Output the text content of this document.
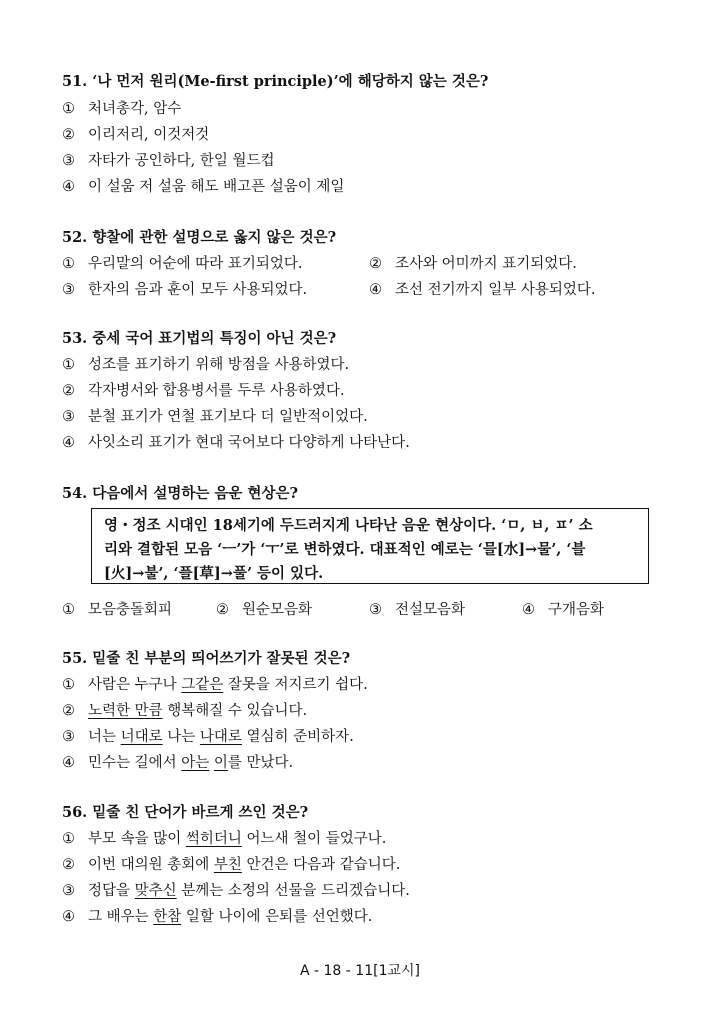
51. ‘나 먼저 원리(Me-first principle)’에 해당하지 않는 것은?
① 처녀총각, 암수
② 이리저리, 이것저것
③ 자타가 공인하다, 한일 월드컵
④ 이 설움 저 설움 해도 배고픈 설움이 제일
52. 향찰에 관한 설명으로 옳지 않은 것은?
① 우리말의 어순에 따라 표기되었다.	② 조사와 어미까지 표기되었다.
③ 한자의 음과 훈이 모두 사용되었다.	④ 조선 전기까지 일부 사용되었다.
53. 중세 국어 표기법의 특징이 아닌 것은?
① 성조를 표기하기 위해 방점을 사용하였다.
② 각자병서와 합용병서를 두루 사용하였다.
③ 분철 표기가 연철 표기보다 더 일반적이었다.
④ 사잇소리 표기가 현대 국어보다 다양하게 나타난다.
54. 다음에서 설명하는 음운 현상은?
영・정조 시대인 18세기에 두드러지게 나타난 음운 현상이다. ‘ㅁ, ㅂ, ㅍ’ 소
리와 결합된 모음 ‘ㅡ’가 ‘ㅜ’로 변하였다. 대표적인 예로는 ‘믈[水]→물’, ‘블
[火]→불’, ‘플[草]→풀’ 등이 있다.
① 모음충돌회피	② 원순모음화	③ 전설모음화	④ 구개음화
55. 밑줄 친 부분의 띄어쓰기가 잘못된 것은?
① 사람은 누구나 그같은 잘못을 저지르기 쉽다.
② 노력한 만큼 행복해질 수 있습니다.
③ 너는 너대로 나는 나대로 열심히 준비하자.
④ 민수는 길에서 아는 이를 만났다.
56. 밑줄 친 단어가 바르게 쓰인 것은?
① 부모 속을 많이 썩히더니 어느새 철이 들었구나.
② 이번 대의원 총회에 부친 안건은 다음과 같습니다.
③ 정답을 맞추신 분께는 소정의 선물을 드리겠습니다.
④ 그 배우는 한참 일할 나이에 은퇴를 선언했다.
A - 18 - 11[1교시]
